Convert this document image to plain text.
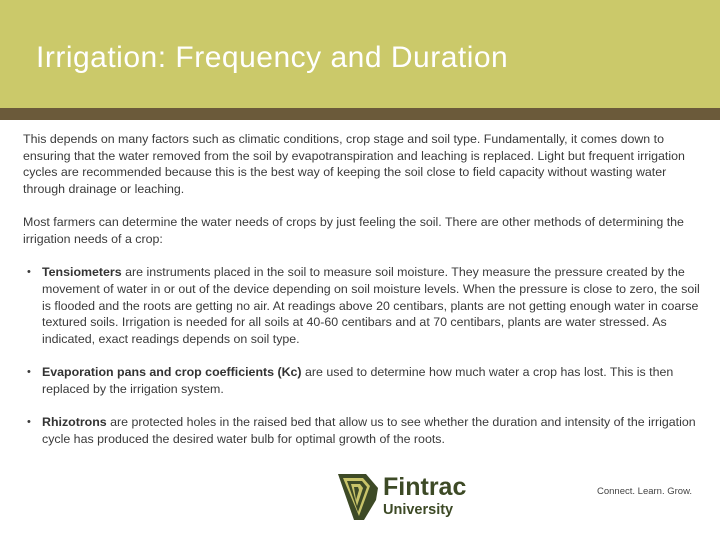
Irrigation: Frequency and Duration

This depends on many factors such as climatic conditions, crop stage and soil type. Fundamentally, it comes down to ensuring that the water removed from the soil by evapotranspiration and leaching is replaced. Light but frequent irrigation cycles are recommended because this is the best way of keeping the soil close to field capacity without wasting water through drainage or leaching.

Most farmers can determine the water needs of crops by just feeling the soil. There are other methods of determining the irrigation needs of a crop:

• Tensiometers are instruments placed in the soil to measure soil moisture. They measure the pressure created by the movement of water in or out of the device depending on soil moisture levels. When the pressure is close to zero, the soil is flooded and the roots are getting no air. At readings above 20 centibars, plants are not getting enough water in coarse textured soils. Irrigation is needed for all soils at 40-60 centibars and at 70 centibars, plants are water stressed. As indicated, exact readings depends on soil type.
• Evaporation pans and crop coefficients (Kc) are used to determine how much water a crop has lost. This is then replaced by the irrigation system.
• Rhizotrons are protected holes in the raised bed that allow us to see whether the duration and intensity of the irrigation cycle has produced the desired water bulb for optimal growth of the roots.
Fintrac
University
Connect. Learn. Grow.
